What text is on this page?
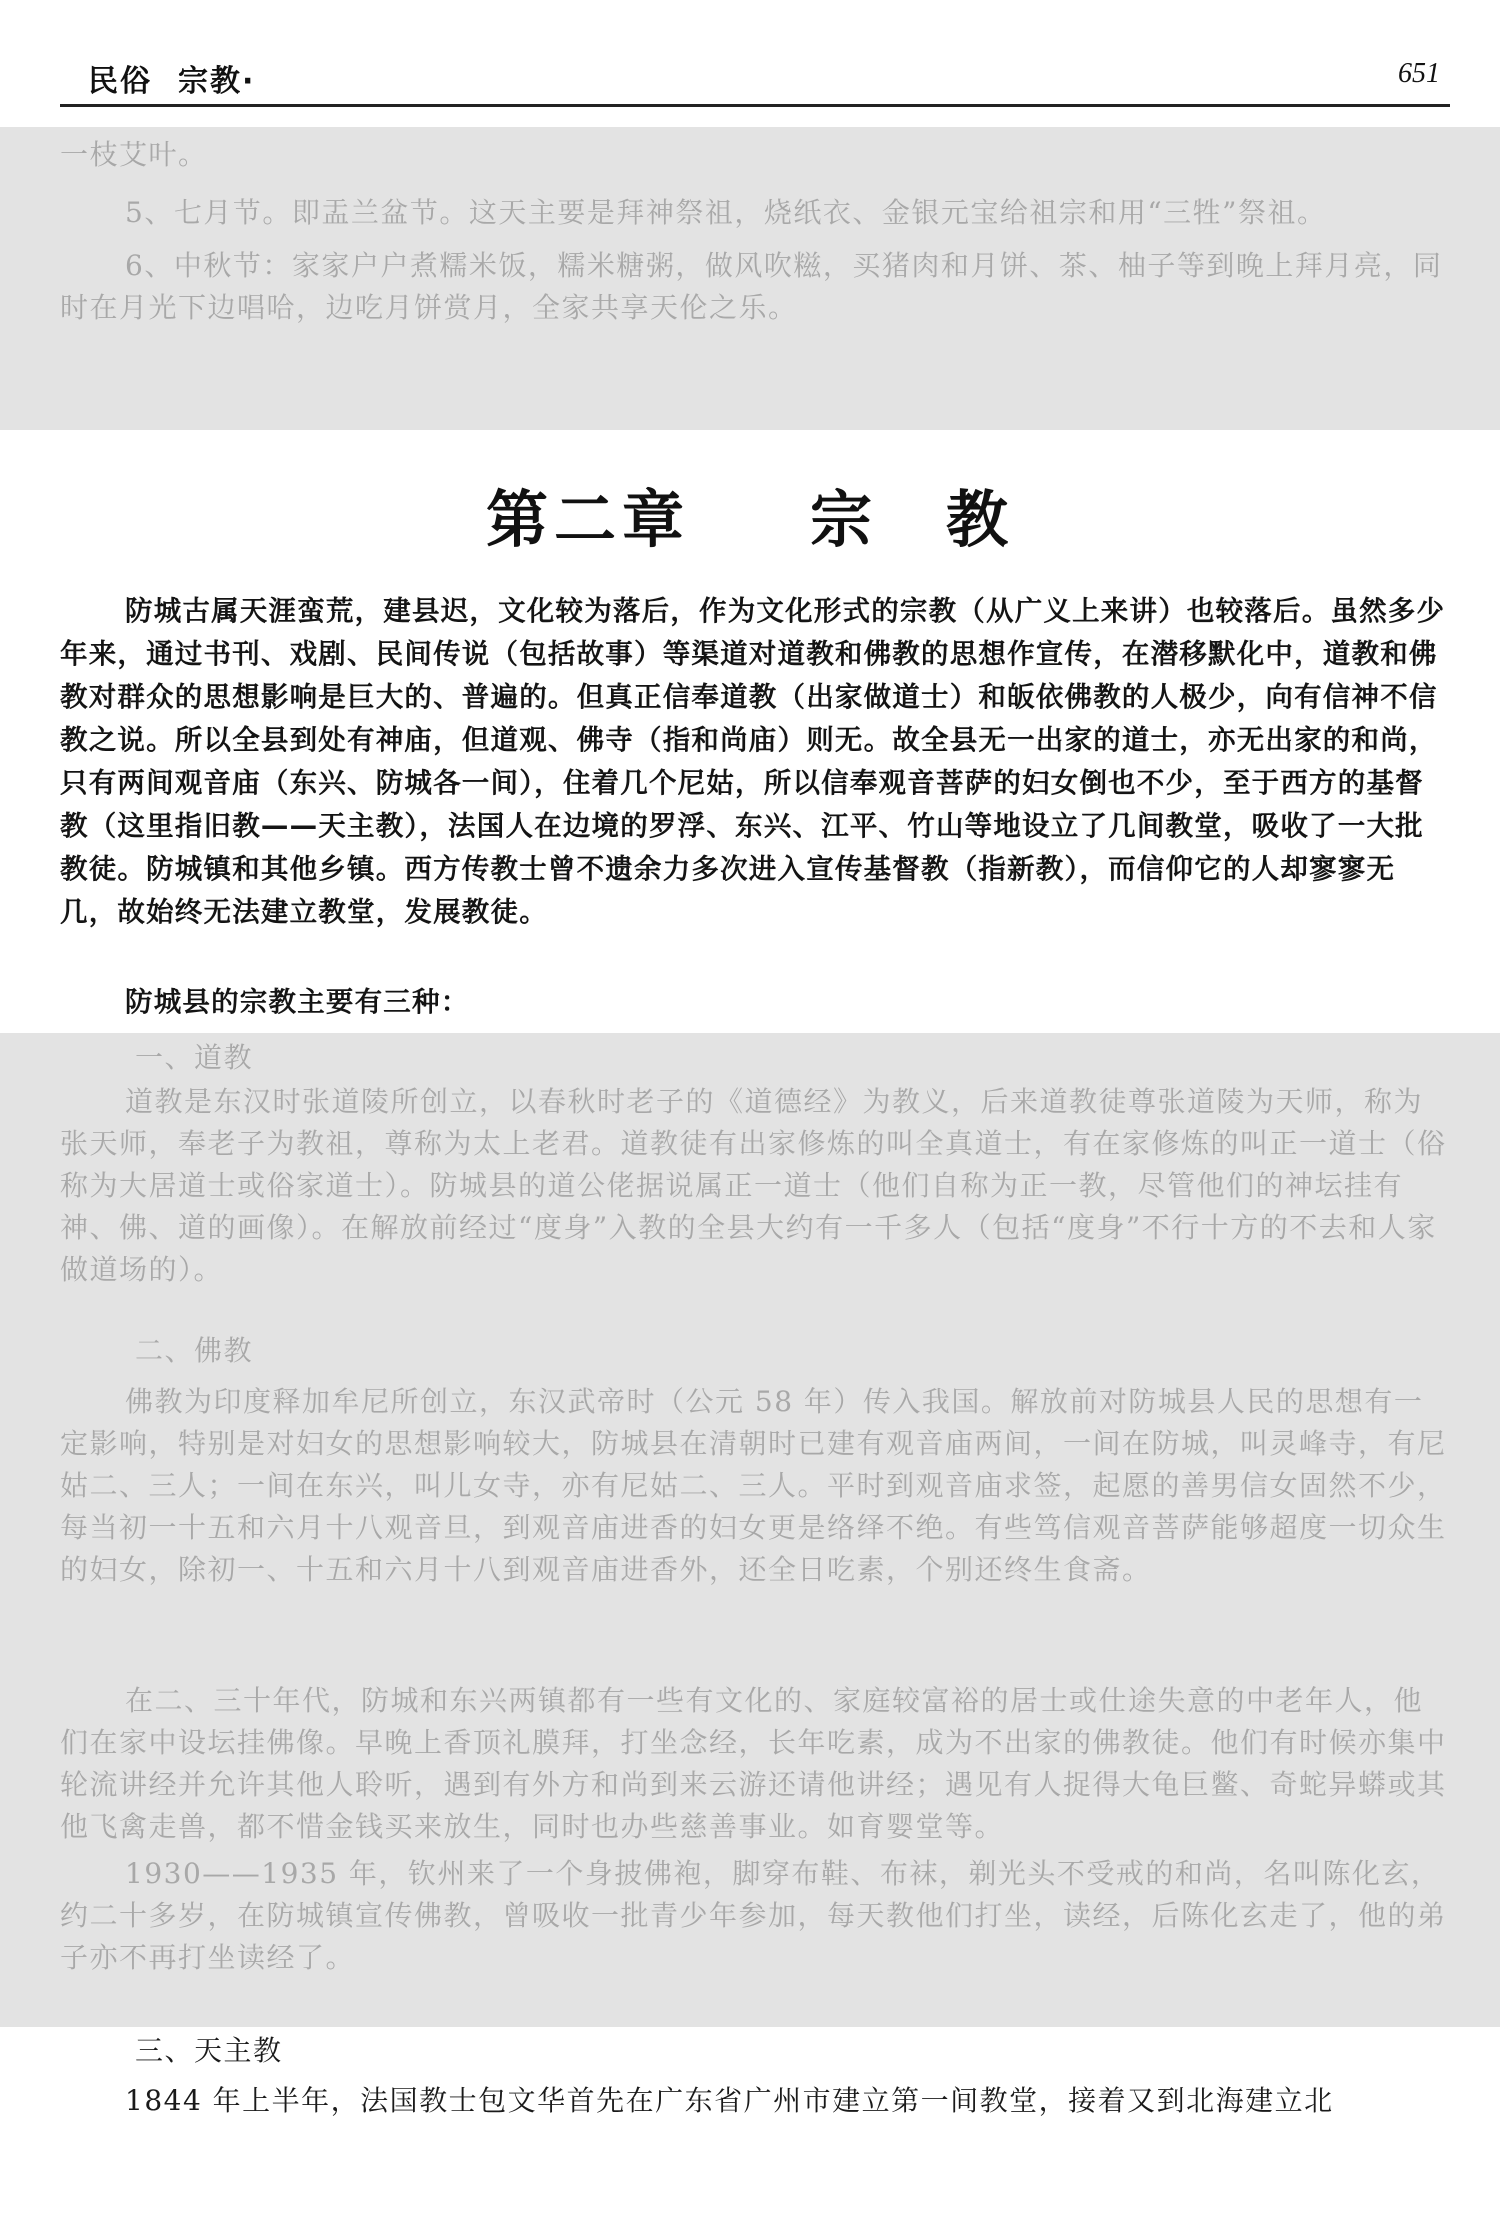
民俗 宗教·	651

一枝艾叶。

5、七月节。即盂兰盆节。这天主要是拜神祭祖，烧纸衣、金银元宝给祖宗和用“三牲”祭祖。

6、中秋节：家家户户煮糯米饭，糯米糖粥，做风吹糍，买猪肉和月饼、茶、柚子等到晚上拜月亮，同时在月光下边唱哈，边吃月饼赏月，全家共享天伦之乐。

第二章 宗　教

防城古属天涯蛮荒，建县迟，文化较为落后，作为文化形式的宗教（从广义上来讲）也较落后。虽然多少年来，通过书刊、戏剧、民间传说（包括故事）等渠道对道教和佛教的思想作宣传，在潜移默化中，道教和佛教对群众的思想影响是巨大的、普遍的。但真正信奉道教（出家做道士）和皈依佛教的人极少，向有信神不信教之说。所以全县到处有神庙，但道观、佛寺（指和尚庙）则无。故全县无一出家的道士，亦无出家的和尚，只有两间观音庙（东兴、防城各一间），住着几个尼姑，所以信奉观音菩萨的妇女倒也不少，至于西方的基督教（这里指旧教——天主教），法国人在边境的罗浮、东兴、江平、竹山等地设立了几间教堂，吸收了一大批教徒。防城镇和其他乡镇。西方传教士曾不遗余力多次进入宣传基督教（指新教），而信仰它的人却寥寥无几，故始终无法建立教堂，发展教徒。

防城县的宗教主要有三种：

一、道教

道教是东汉时张道陵所创立，以春秋时老子的《道德经》为教义，后来道教徒尊张道陵为天师，称为张天师，奉老子为教祖，尊称为太上老君。道教徒有出家修炼的叫全真道士，有在家修炼的叫正一道士（俗称为大居道士或俗家道士）。防城县的道公佬据说属正一道士（他们自称为正一教，尽管他们的神坛挂有神、佛、道的画像）。在解放前经过“度身”入教的全县大约有一千多人（包括“度身”不行十方的不去和人家做道场的）。

二、佛教

佛教为印度释加牟尼所创立，东汉武帝时（公元 58 年）传入我国。解放前对防城县人民的思想有一定影响，特别是对妇女的思想影响较大，防城县在清朝时已建有观音庙两间，一间在防城，叫灵峰寺，有尼姑二、三人；一间在东兴，叫儿女寺，亦有尼姑二、三人。平时到观音庙求签，起愿的善男信女固然不少，每当初一十五和六月十八观音旦，到观音庙进香的妇女更是络绎不绝。有些笃信观音菩萨能够超度一切众生的妇女，除初一、十五和六月十八到观音庙进香外，还全日吃素，个别还终生食斋。

在二、三十年代，防城和东兴两镇都有一些有文化的、家庭较富裕的居士或仕途失意的中老年人，他们在家中设坛挂佛像。早晚上香顶礼膜拜，打坐念经，长年吃素，成为不出家的佛教徒。他们有时候亦集中轮流讲经并允许其他人聆听，遇到有外方和尚到来云游还请他讲经；遇见有人捉得大龟巨鳖、奇蛇异蟒或其他飞禽走兽，都不惜金钱买来放生，同时也办些慈善事业。如育婴堂等。

1930——1935 年，钦州来了一个身披佛袍，脚穿布鞋、布袜，剃光头不受戒的和尚，名叫陈化玄，约二十多岁，在防城镇宣传佛教，曾吸收一批青少年参加，每天教他们打坐，读经，后陈化玄走了，他的弟子亦不再打坐读经了。

三、天主教

1844 年上半年，法国教士包文华首先在广东省广州市建立第一间教堂，接着又到北海建立北
